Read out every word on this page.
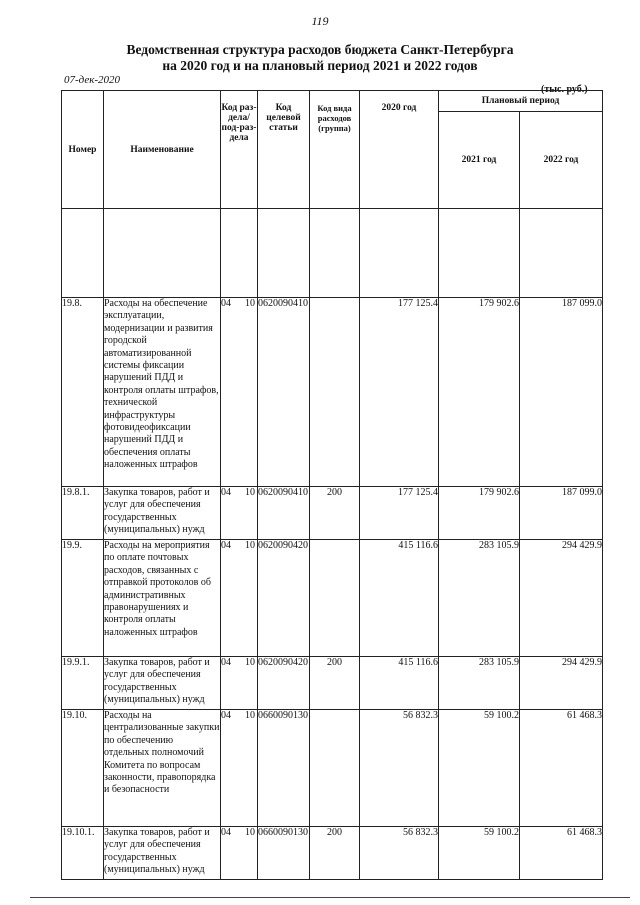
119
Ведомственная структура расходов бюджета Санкт-Петербурга
на 2020 год и на плановый период 2021 и 2022 годов
07-дек-2020
(тыс. руб.)
Номер	Наименование	Код раз-дела/ под-раз-дела	Код целевой статьи	Код вида расходов (группа)	2020 год	Плановый период	
						2021 год	2022 год

19.8.	Расходы на обеспечение эксплуатации, модернизации и развития городской автоматизированной системы фиксации нарушений ПДД и контроля оплаты штрафов, технической инфраструктуры фотовидеофиксации нарушений ПДД и обеспечения оплаты наложенных штрафов	04 10	0620090410		177 125.4	179 902.6	187 099.0
19.8.1.	Закупка товаров, работ и услуг для обеспечения государственных (муниципальных) нужд	04 10	0620090410	200	177 125.4	179 902.6	187 099.0
19.9.	Расходы на мероприятия по оплате почтовых расходов, связанных с отправкой протоколов об административных правонарушениях и контроля оплаты наложенных штрафов	04 10	0620090420		415 116.6	283 105.9	294 429.9
19.9.1.	Закупка товаров, работ и услуг для обеспечения государственных (муниципальных) нужд	04 10	0620090420	200	415 116.6	283 105.9	294 429.9
19.10.	Расходы на централизованные закупки по обеспечению отдельных полномочий Комитета по вопросам законности, правопорядка и безопасности	04 10	0660090130		56 832.3	59 100.2	61 468.3
19.10.1.	Закупка товаров, работ и услуг для обеспечения государственных (муниципальных) нужд	04 10	0660090130	200	56 832.3	59 100.2	61 468.3
